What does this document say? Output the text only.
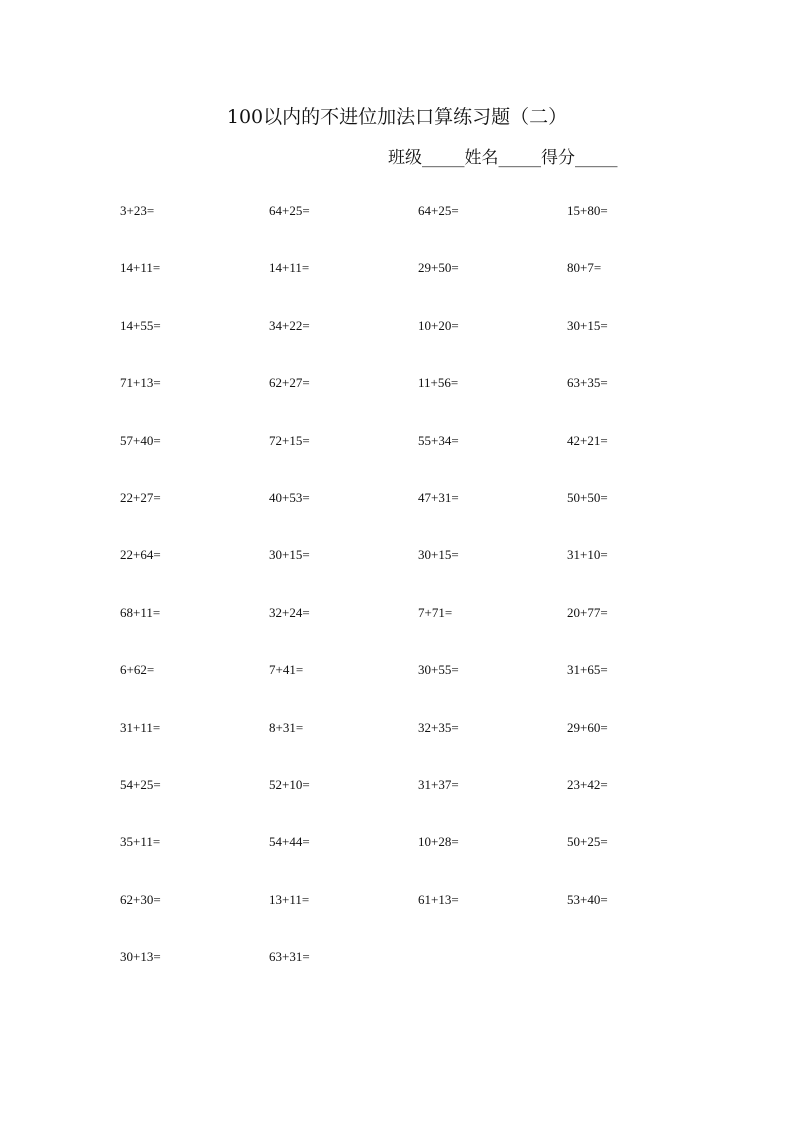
100以内的不进位加法口算练习题（二）
班级_____姓名_____得分_____
3+23=	64+25=	64+25=	15+80=
14+11=	14+11=	29+50=	80+7=
14+55=	34+22=	10+20=	30+15=
71+13=	62+27=	11+56=	63+35=
57+40=	72+15=	55+34=	42+21=
22+27=	40+53=	47+31=	50+50=
22+64=	30+15=	30+15=	31+10=
68+11=	32+24=	7+71=	20+77=
6+62=	7+41=	30+55=	31+65=
31+11=	8+31=	32+35=	29+60=
54+25=	52+10=	31+37=	23+42=
35+11=	54+44=	10+28=	50+25=
62+30=	13+11=	61+13=	53+40=
30+13=	63+31=
